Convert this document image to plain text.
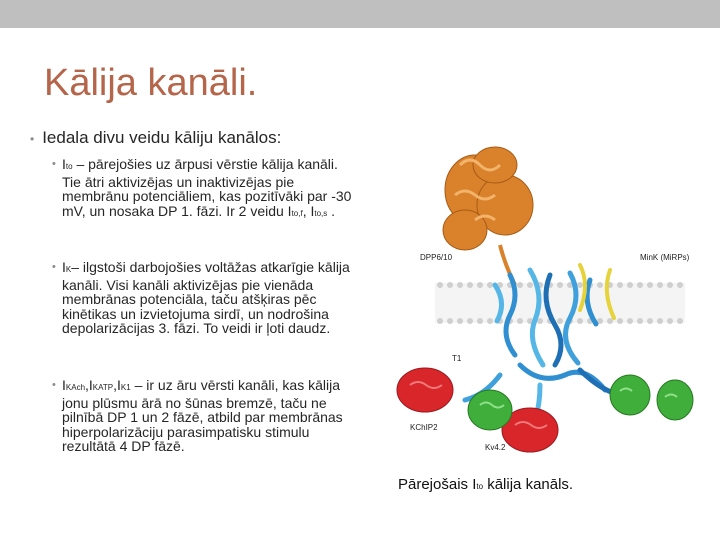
Kālija kanāli.
• Iedala divu veidu kāliju kanālos:
• Ito – pārejošies uz ārpusi vērstie kālija kanāli. Tie ātri aktivizējas un inaktivizējas pie membrānu potenciāliem, kas pozitīvāki par -30 mV, un nosaka DP 1. fāzi. Ir 2 veidu Ito,f, Ito,s .
• IK– ilgstoši darbojošies voltāžas atkarīgie kālija kanāli. Visi kanāli aktivizējas pie vienāda membrānas potenciāla, taču atšķiras pēc kinētikas un izvietojuma sirdī, un nodrošina depolarizācijas 3. fāzi. To veidi ir ļoti daudz.
• IKAch,IKATP,IK1 – ir uz āru vērsti kanāli, kas kālija jonu plūsmu ārā no šūnas bremzē, taču ne pilnībā DP 1 un 2 fāzē, atbild par membrānas hiperpolarizāciju parasimpatisku stimulu rezultātā 4 DP fāzē.
DPP6/10	MinK (MiRPs)
T1
KChIP2
Kv4.2
Pārejošais Ito kālija kanāls.
